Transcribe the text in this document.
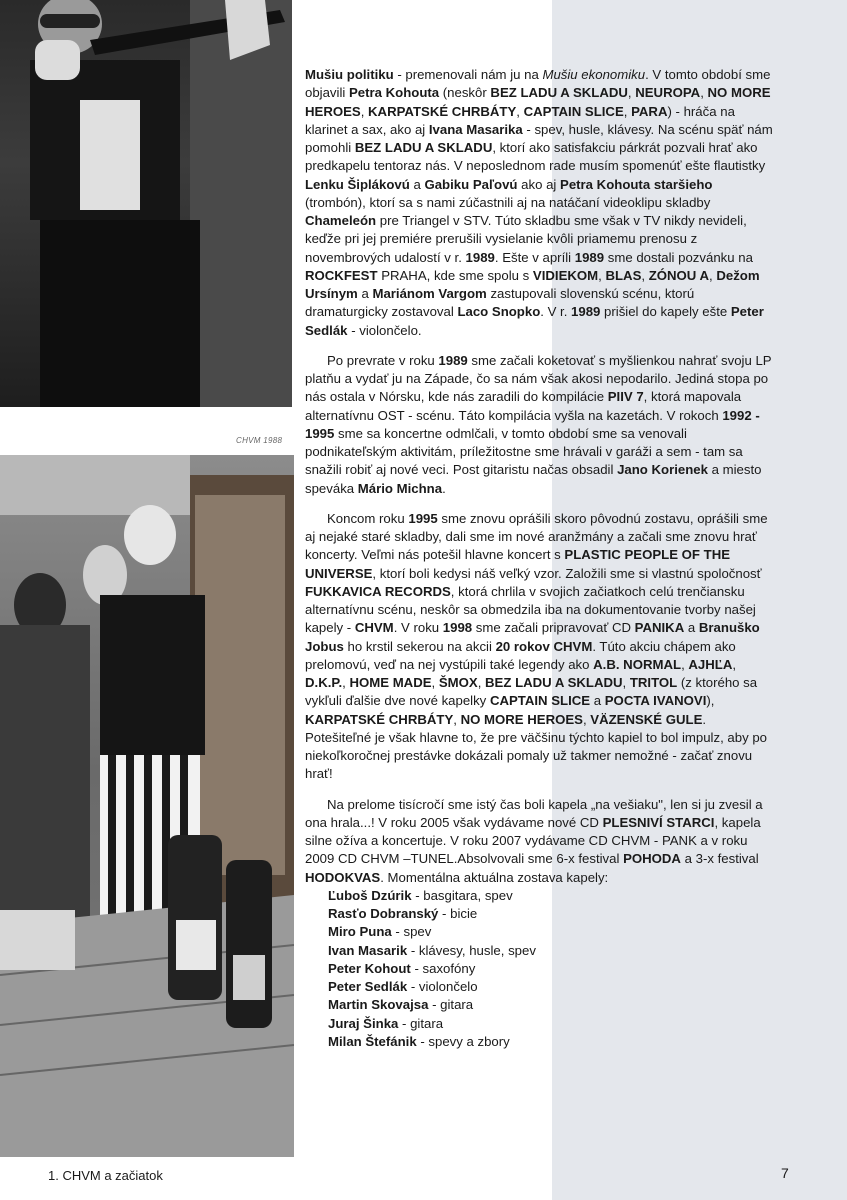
CHVM 1988

Mušiu politiku - premenovali nám ju na Mušiu ekonomiku. V tomto období sme objavili Petra Kohouta (neskôr BEZ LADU A SKLADU, NEUROPA, NO MORE HEROES, KARPATSKÉ CHRBÁTY, CAPTAIN SLICE, PARA) - hráča na klarinet a sax, ako aj Ivana Masarika - spev, husle, klávesy. Na scénu späť nám pomohli BEZ LADU A SKLADU, ktorí ako satisfakciu párkrát pozvali hrať ako predkapelu tentoraz nás. V neposlednom rade musím spomenúť ešte flautistky Lenku Šiplákovú a Gabiku Paľovú ako aj Petra Kohouta staršieho (trombón), ktorí sa s nami zúčastnili aj na natáčaní videoklipu skladby Chameleón pre Triangel v STV. Túto skladbu sme však v TV nikdy nevideli, keďže pri jej premiére prerušili vysielanie kvôli priamemu prenosu z novembrových udalostí v r. 1989. Ešte v apríli 1989 sme dostali pozvánku na ROCKFEST PRAHA, kde sme spolu s VIDIEKOM, BLAS, ZÓNOU A, Dežom Ursínym a Mariánom Vargom zastupovali slovenskú scénu, ktorú dramaturgicky zostavoval Laco Snopko. V r. 1989 prišiel do kapely ešte Peter Sedlák - violončelo.

Po prevrate v roku 1989 sme začali koketovať s myšlienkou nahrať svoju LP platňu a vydať ju na Západe, čo sa nám však akosi nepodarilo. Jediná stopa po nás ostala v Nórsku, kde nás zaradili do kompilácie PIIV 7, ktorá mapovala alternatívnu OST - scénu. Táto kompilácia vyšla na kazetách. V rokoch 1992 - 1995 sme sa koncertne odmlčali, v tomto období sme sa venovali podnikateľským aktivitám, príležitostne sme hrávali v garáži a sem - tam sa snažili robiť aj nové veci. Post gitaristu načas obsadil Jano Korienek a miesto speváka Mário Michna.

Koncom roku 1995 sme znovu oprášili skoro pôvodnú zostavu, oprášili sme aj nejaké staré skladby, dali sme im nové aranžmány a začali sme znovu hrať koncerty. Veľmi nás potešil hlavne koncert s PLASTIC PEOPLE OF THE UNIVERSE, ktorí boli kedysi náš veľký vzor. Založili sme si vlastnú spoločnosť FUKKAVICA RECORDS, ktorá chrlila v svojich začiatkoch celú trenčiansku alternatívnu scénu, neskôr sa obmedzila iba na dokumentovanie tvorby našej kapely - CHVM. V roku 1998 sme začali pripravovať CD PANIKA a Branuško Jobus ho krstil sekerou na akcii 20 rokov CHVM. Túto akciu chápem ako prelomovú, veď na nej vystúpili také legendy ako A.B. NORMAL, AJHĽA, D.K.P., HOME MADE, ŠMOX, BEZ LADU A SKLADU, TRITOL (z ktorého sa vykľuli ďalšie dve nové kapelky CAPTAIN SLICE a POCTA IVANOVI), KARPATSKÉ CHRBÁTY, NO MORE HEROES, VÄZENSKÉ GULE. Potešiteľné je však hlavne to, že pre väčšinu týchto kapiel to bol impulz, aby po niekoľkoročnej prestávke dokázali pomaly už takmer nemožné - začať znovu hrať!

Na prelome tisícročí sme istý čas boli kapela „na vešiaku", len si ju zvesil a ona hrala...! V roku 2005 však vydávame nové CD PLESNIVÍ STARCI, kapela silne ožíva a koncertuje. V roku 2007 vydávame CD CHVM - PANK a v roku 2009 CD CHVM –TUNEL.Absolvovali sme 6-x festival POHODA a 3-x festival HODOKVAS. Momentálna aktuálna zostava kapely:

Ľuboš Dzúrik - basgitara, spev
Rasťo Dobranský - bicie
Miro Puna - spev
Ivan Masarik - klávesy, husle, spev
Peter Kohout - saxofóny
Peter Sedlák - violončelo
Martin Skovajsa - gitara
Juraj Šinka - gitara
Milan Štefánik - spevy a zbory
1. CHVM a začiatok	7
